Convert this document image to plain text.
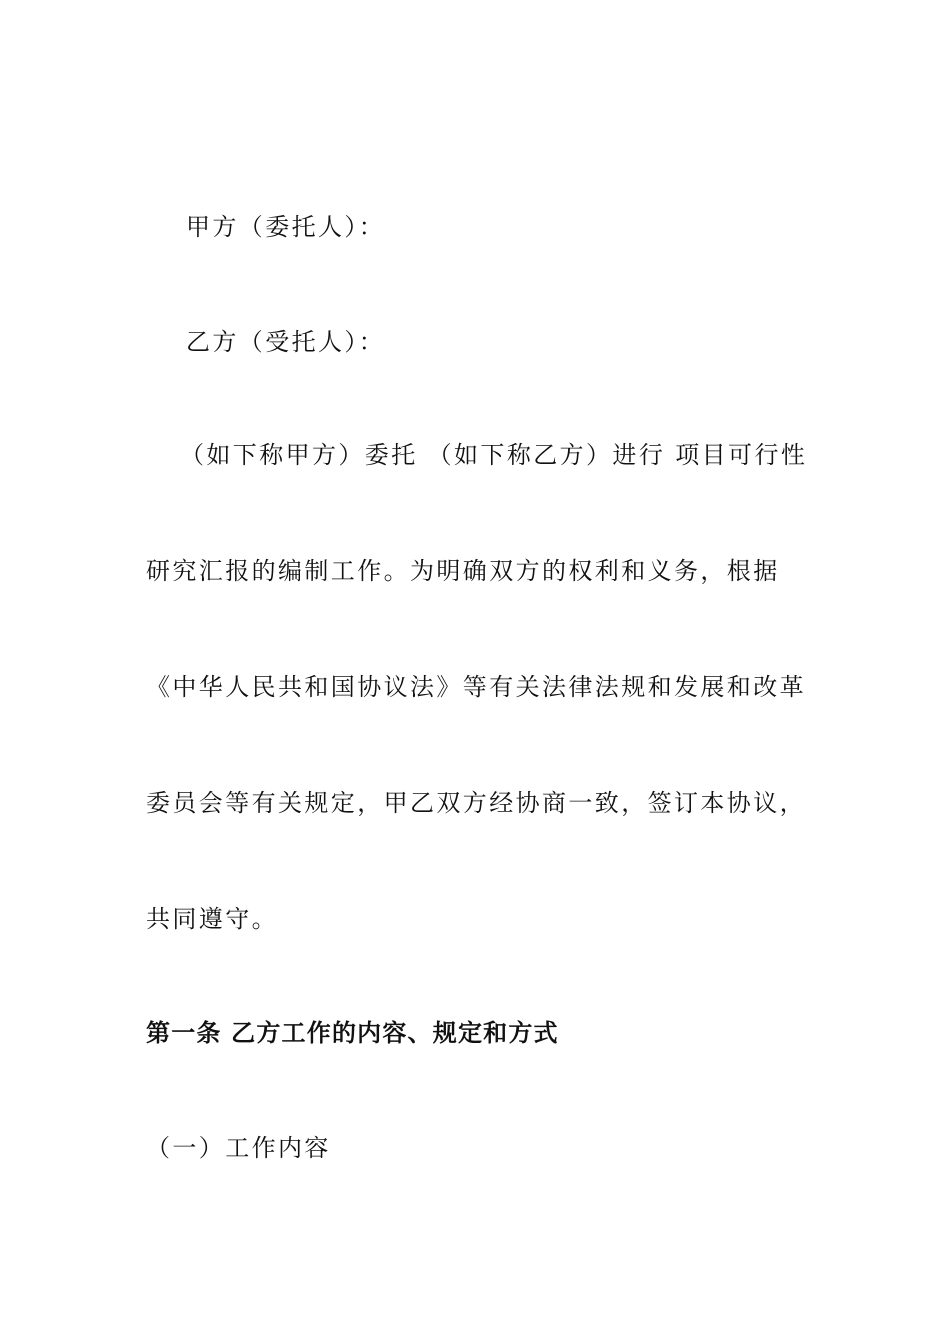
甲方（委托人）：
乙方（受托人）：
（如下称甲方）委托 （如下称乙方）进行 项目可行性
研究汇报的编制工作。为明确双方的权利和义务，根据
《中华人民共和国协议法》等有关法律法规和发展和改革
委员会等有关规定，甲乙双方经协商一致，签订本协议，
共同遵守。
第一条 乙方工作的内容、规定和方式
（一）工作内容
